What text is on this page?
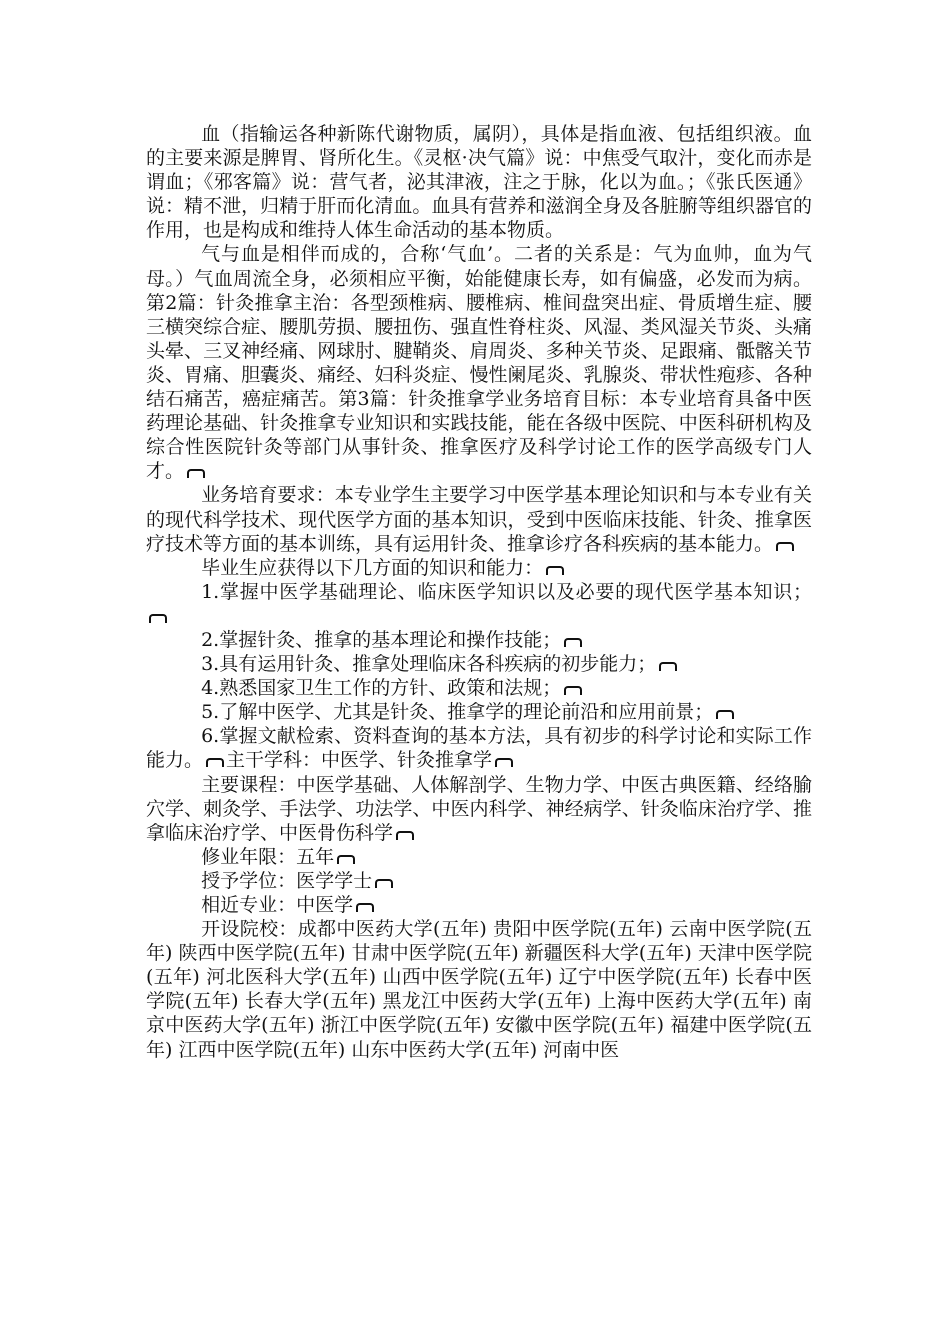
血（指输运各种新陈代谢物质，属阴），具体是指血液、包括组织液。血的主要来源是脾胃、肾所化生。《灵枢·决气篇》说：中焦受气取汁，变化而赤是谓血；《邪客篇》说：营气者，泌其津液，注之于脉，化以为血。；《张氏医通》说：精不泄，归精于肝而化清血。血具有营养和滋润全身及各脏腑等组织器官的作用，也是构成和维持人体生命活动的基本物质。

气与血是相伴而成的，合称‘气血’。二者的关系是：气为血帅，血为气母。）气血周流全身，必须相应平衡，始能健康长寿，如有偏盛，必发而为病。第2篇：针灸推拿主治：各型颈椎病、腰椎病、椎间盘突出症、骨质增生症、腰三横突综合症、腰肌劳损、腰扭伤、强直性脊柱炎、风湿、类风湿关节炎、头痛头晕、三叉神经痛、网球肘、腱鞘炎、肩周炎、多种关节炎、足跟痛、骶髂关节炎、胃痛、胆囊炎、痛经、妇科炎症、慢性阑尾炎、乳腺炎、带状性疱疹、各种结石痛苦，癌症痛苦。第3篇：针灸推拿学业务培育目标：本专业培育具备中医药理论基础、针灸推拿专业知识和实践技能，能在各级中医院、中医科研机构及综合性医院针灸等部门从事针灸、推拿医疗及科学讨论工作的医学高级专门人才。

业务培育要求：本专业学生主要学习中医学基本理论知识和与本专业有关的现代科学技术、现代医学方面的基本知识，受到中医临床技能、针灸、推拿医疗技术等方面的基本训练，具有运用针灸、推拿诊疗各科疾病的基本能力。

毕业生应获得以下几方面的知识和能力：

1.掌握中医学基础理论、临床医学知识以及必要的现代医学基本知识；

2.掌握针灸、推拿的基本理论和操作技能；

3.具有运用针灸、推拿处理临床各科疾病的初步能力；

4.熟悉国家卫生工作的方针、政策和法规；

5.了解中医学、尤其是针灸、推拿学的理论前沿和应用前景；

6.掌握文献检索、资料查询的基本方法，具有初步的科学讨论和实际工作能力。 主干学科：中医学、针灸推拿学

主要课程：中医学基础、人体解剖学、生物力学、中医古典医籍、经络腧穴学、刺灸学、手法学、功法学、中医内科学、神经病学、针灸临床治疗学、推拿临床治疗学、中医骨伤科学

修业年限：五年

授予学位：医学学士

相近专业：中医学

开设院校：成都中医药大学(五年) 贵阳中医学院(五年) 云南中医学院(五年) 陕西中医学院(五年) 甘肃中医学院(五年) 新疆医科大学(五年) 天津中医学院(五年) 河北医科大学(五年) 山西中医学院(五年) 辽宁中医学院(五年) 长春中医学院(五年) 长春大学(五年) 黑龙江中医药大学(五年) 上海中医药大学(五年) 南京中医药大学(五年) 浙江中医学院(五年) 安徽中医学院(五年) 福建中医学院(五年) 江西中医学院(五年) 山东中医药大学(五年) 河南中医
